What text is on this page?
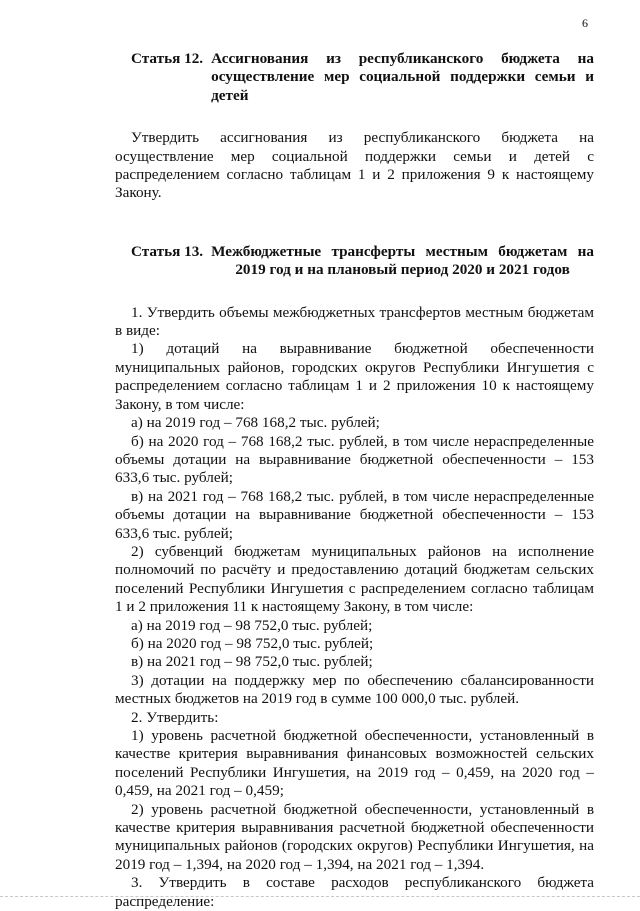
6
Статья 12. Ассигнования из республиканского бюджета на осуществление мер социальной поддержки семьи и детей

Утвердить ассигнования из республиканского бюджета на осуществление мер социальной поддержки семьи и детей с распределением согласно таблицам 1 и 2 приложения 9 к настоящему Закону.

Статья 13. Межбюджетные трансферты местным бюджетам на 2019 год и на плановый период 2020 и 2021 годов

1. Утвердить объемы межбюджетных трансфертов местным бюджетам в виде:

1) дотаций на выравнивание бюджетной обеспеченности муниципальных районов, городских округов Республики Ингушетия с распределением согласно таблицам 1 и 2 приложения 10 к настоящему Закону, в том числе:

а) на 2019 год – 768 168,2 тыс. рублей;

б) на 2020 год – 768 168,2 тыс. рублей, в том числе нераспределенные объемы дотации на выравнивание бюджетной обеспеченности – 153 633,6 тыс. рублей;

в) на 2021 год – 768 168,2 тыс. рублей, в том числе нераспределенные объемы дотации на выравнивание бюджетной обеспеченности – 153 633,6 тыс. рублей;

2) субвенций бюджетам муниципальных районов на исполнение полномочий по расчёту и предоставлению дотаций бюджетам сельских поселений Республики Ингушетия с распределением согласно таблицам 1 и 2 приложения 11 к настоящему Закону, в том числе:

а) на 2019 год – 98 752,0 тыс. рублей;

б) на 2020 год – 98 752,0 тыс. рублей;

в) на 2021 год – 98 752,0 тыс. рублей;

3) дотации на поддержку мер по обеспечению сбалансированности местных бюджетов на 2019 год в сумме 100 000,0 тыс. рублей.

2. Утвердить:

1) уровень расчетной бюджетной обеспеченности, установленный в качестве критерия выравнивания финансовых возможностей сельских поселений Республики Ингушетия, на 2019 год – 0,459, на 2020 год – 0,459, на 2021 год – 0,459;

2) уровень расчетной бюджетной обеспеченности, установленный в качестве критерия выравнивания расчетной бюджетной обеспеченности муниципальных районов (городских округов) Республики Ингушетия, на 2019 год – 1,394, на 2020 год – 1,394, на 2021 год – 1,394.

3. Утвердить в составе расходов республиканского бюджета распределение:
